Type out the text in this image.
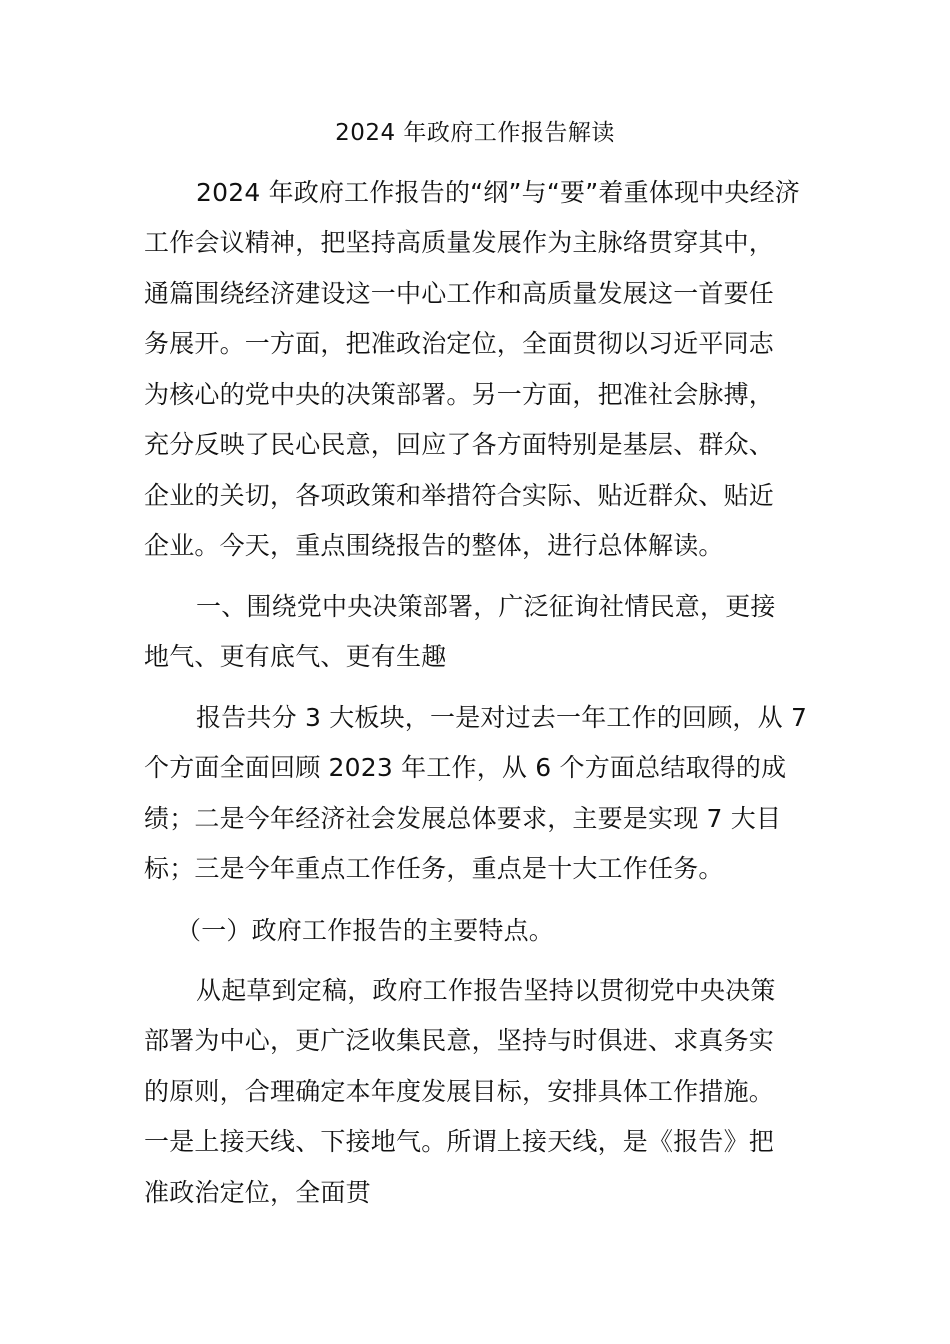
2024 年政府工作报告解读
2024 年政府工作报告的“纲”与“要”着重体现中央经济
工作会议精神，把坚持高质量发展作为主脉络贯穿其中，
通篇围绕经济建设这一中心工作和高质量发展这一首要任
务展开。一方面，把准政治定位，全面贯彻以习近平同志
为核心的党中央的决策部署。另一方面，把准社会脉搏，
充分反映了民心民意，回应了各方面特别是基层、群众、
企业的关切，各项政策和举措符合实际、贴近群众、贴近
企业。今天，重点围绕报告的整体，进行总体解读。
一、围绕党中央决策部署，广泛征询社情民意，更接
地气、更有底气、更有生趣
报告共分 3 大板块，一是对过去一年工作的回顾，从 7
个方面全面回顾 2023 年工作，从 6 个方面总结取得的成
绩；二是今年经济社会发展总体要求，主要是实现 7 大目
标；三是今年重点工作任务，重点是十大工作任务。
（一）政府工作报告的主要特点。
从起草到定稿，政府工作报告坚持以贯彻党中央决策
部署为中心，更广泛收集民意，坚持与时俱进、求真务实
的原则，合理确定本年度发展目标，安排具体工作措施。
一是上接天线、下接地气。所谓上接天线，是《报告》把
准政治定位，全面贯
